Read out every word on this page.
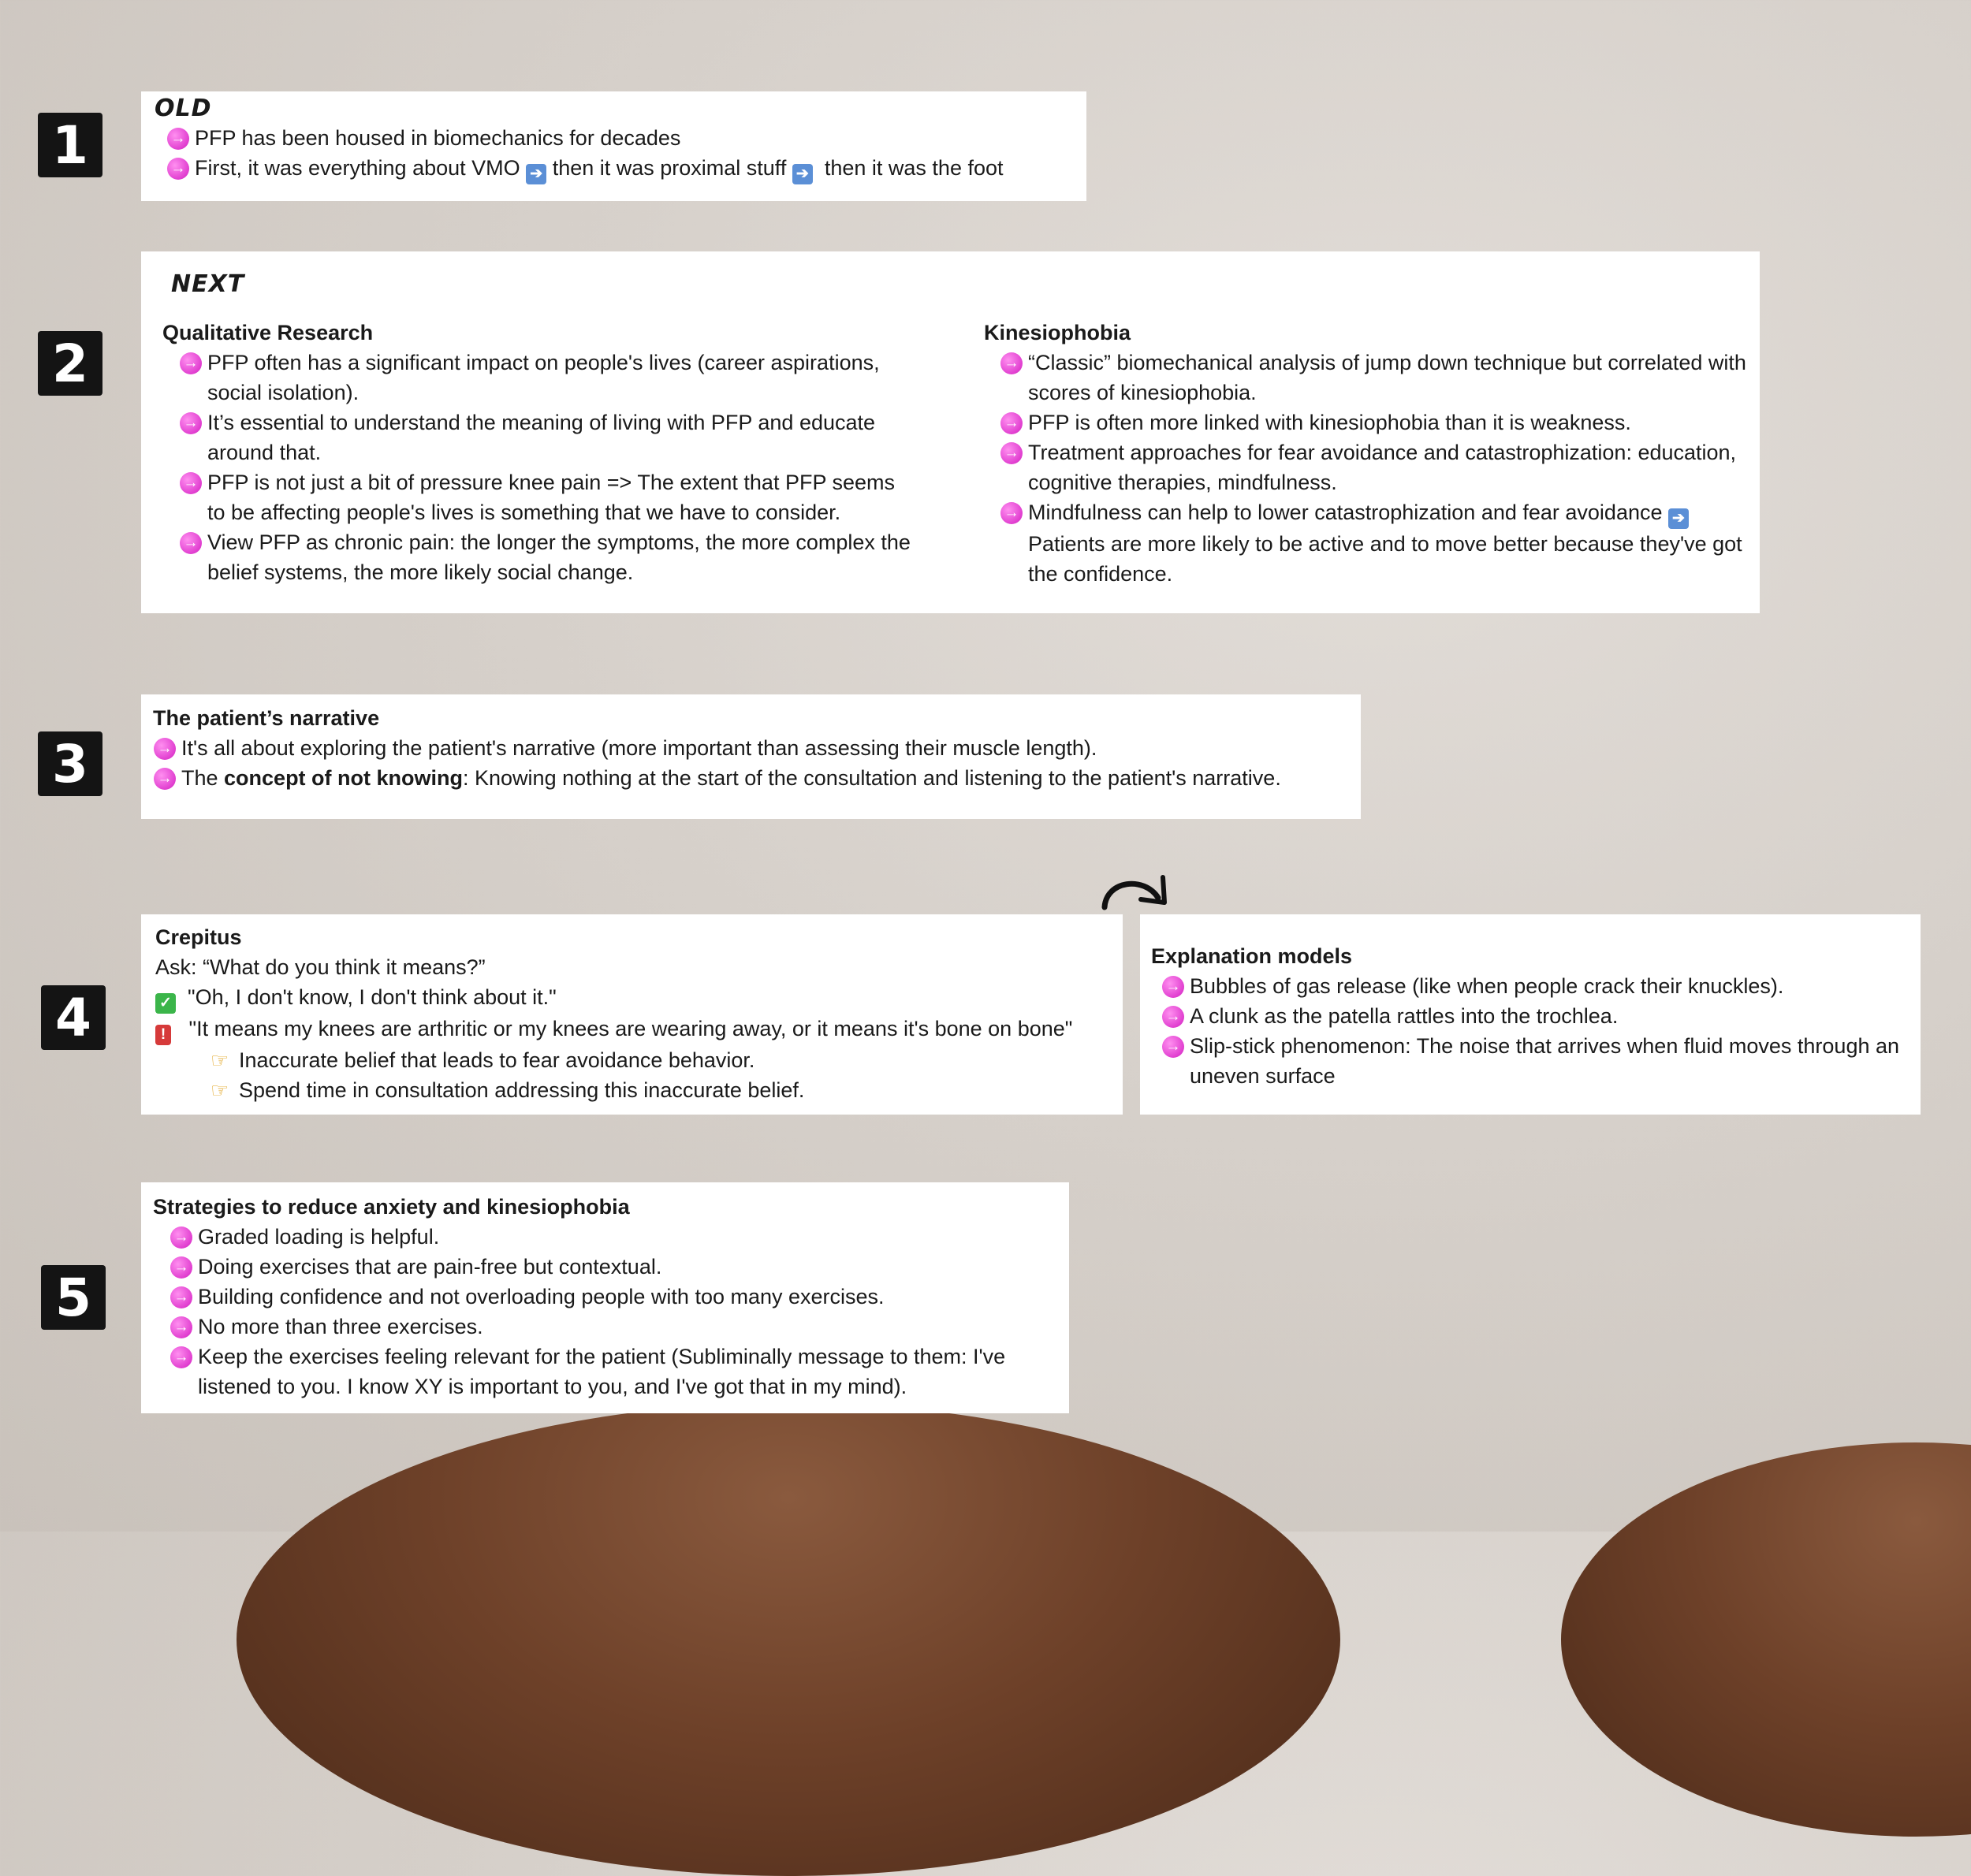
1
OLD
→ PFP has been housed in biomechanics for decades
→ First, it was everything about VMO ➔ then it was proximal stuff ➔ then it was the foot
2
NEXT
Qualitative Research
→ PFP often has a significant impact on people's lives (career aspirations, social isolation).
→ It’s essential to understand the meaning of living with PFP and educate around that.
→ PFP is not just a bit of pressure knee pain => The extent that PFP seems to be affecting people's lives is something that we have to consider.
→ View PFP as chronic pain: the longer the symptoms, the more complex the belief systems, the more likely social change.
Kinesiophobia
→ “Classic” biomechanical analysis of jump down technique but correlated with scores of kinesiophobia.
→ PFP is often more linked with kinesiophobia than it is weakness.
→ Treatment approaches for fear avoidance and catastrophization: education, cognitive therapies, mindfulness.
→ Mindfulness can help to lower catastrophization and fear avoidance ➔ Patients are more likely to be active and to move better because they've got the confidence.
3
The patient’s narrative
→ It's all about exploring the patient's narrative (more important than assessing their muscle length).
→ The concept of not knowing: Knowing nothing at the start of the consultation and listening to the patient's narrative.
4
Crepitus
Ask: “What do you think it means?”
✓ "Oh, I don't know, I don't think about it."
! "It means my knees are arthritic or my knees are wearing away, or it means it's bone on bone"
☞ Inaccurate belief that leads to fear avoidance behavior.
☞ Spend time in consultation addressing this inaccurate belief.
Explanation models
→ Bubbles of gas release (like when people crack their knuckles).
→ A clunk as the patella rattles into the trochlea.
→ Slip-stick phenomenon: The noise that arrives when fluid moves through an uneven surface
5
Strategies to reduce anxiety and kinesiophobia
→ Graded loading is helpful.
→ Doing exercises that are pain-free but contextual.
→ Building confidence and not overloading people with too many exercises.
→ No more than three exercises.
→ Keep the exercises feeling relevant for the patient (Subliminally message to them: I've listened to you. I know XY is important to you, and I've got that in my mind).
